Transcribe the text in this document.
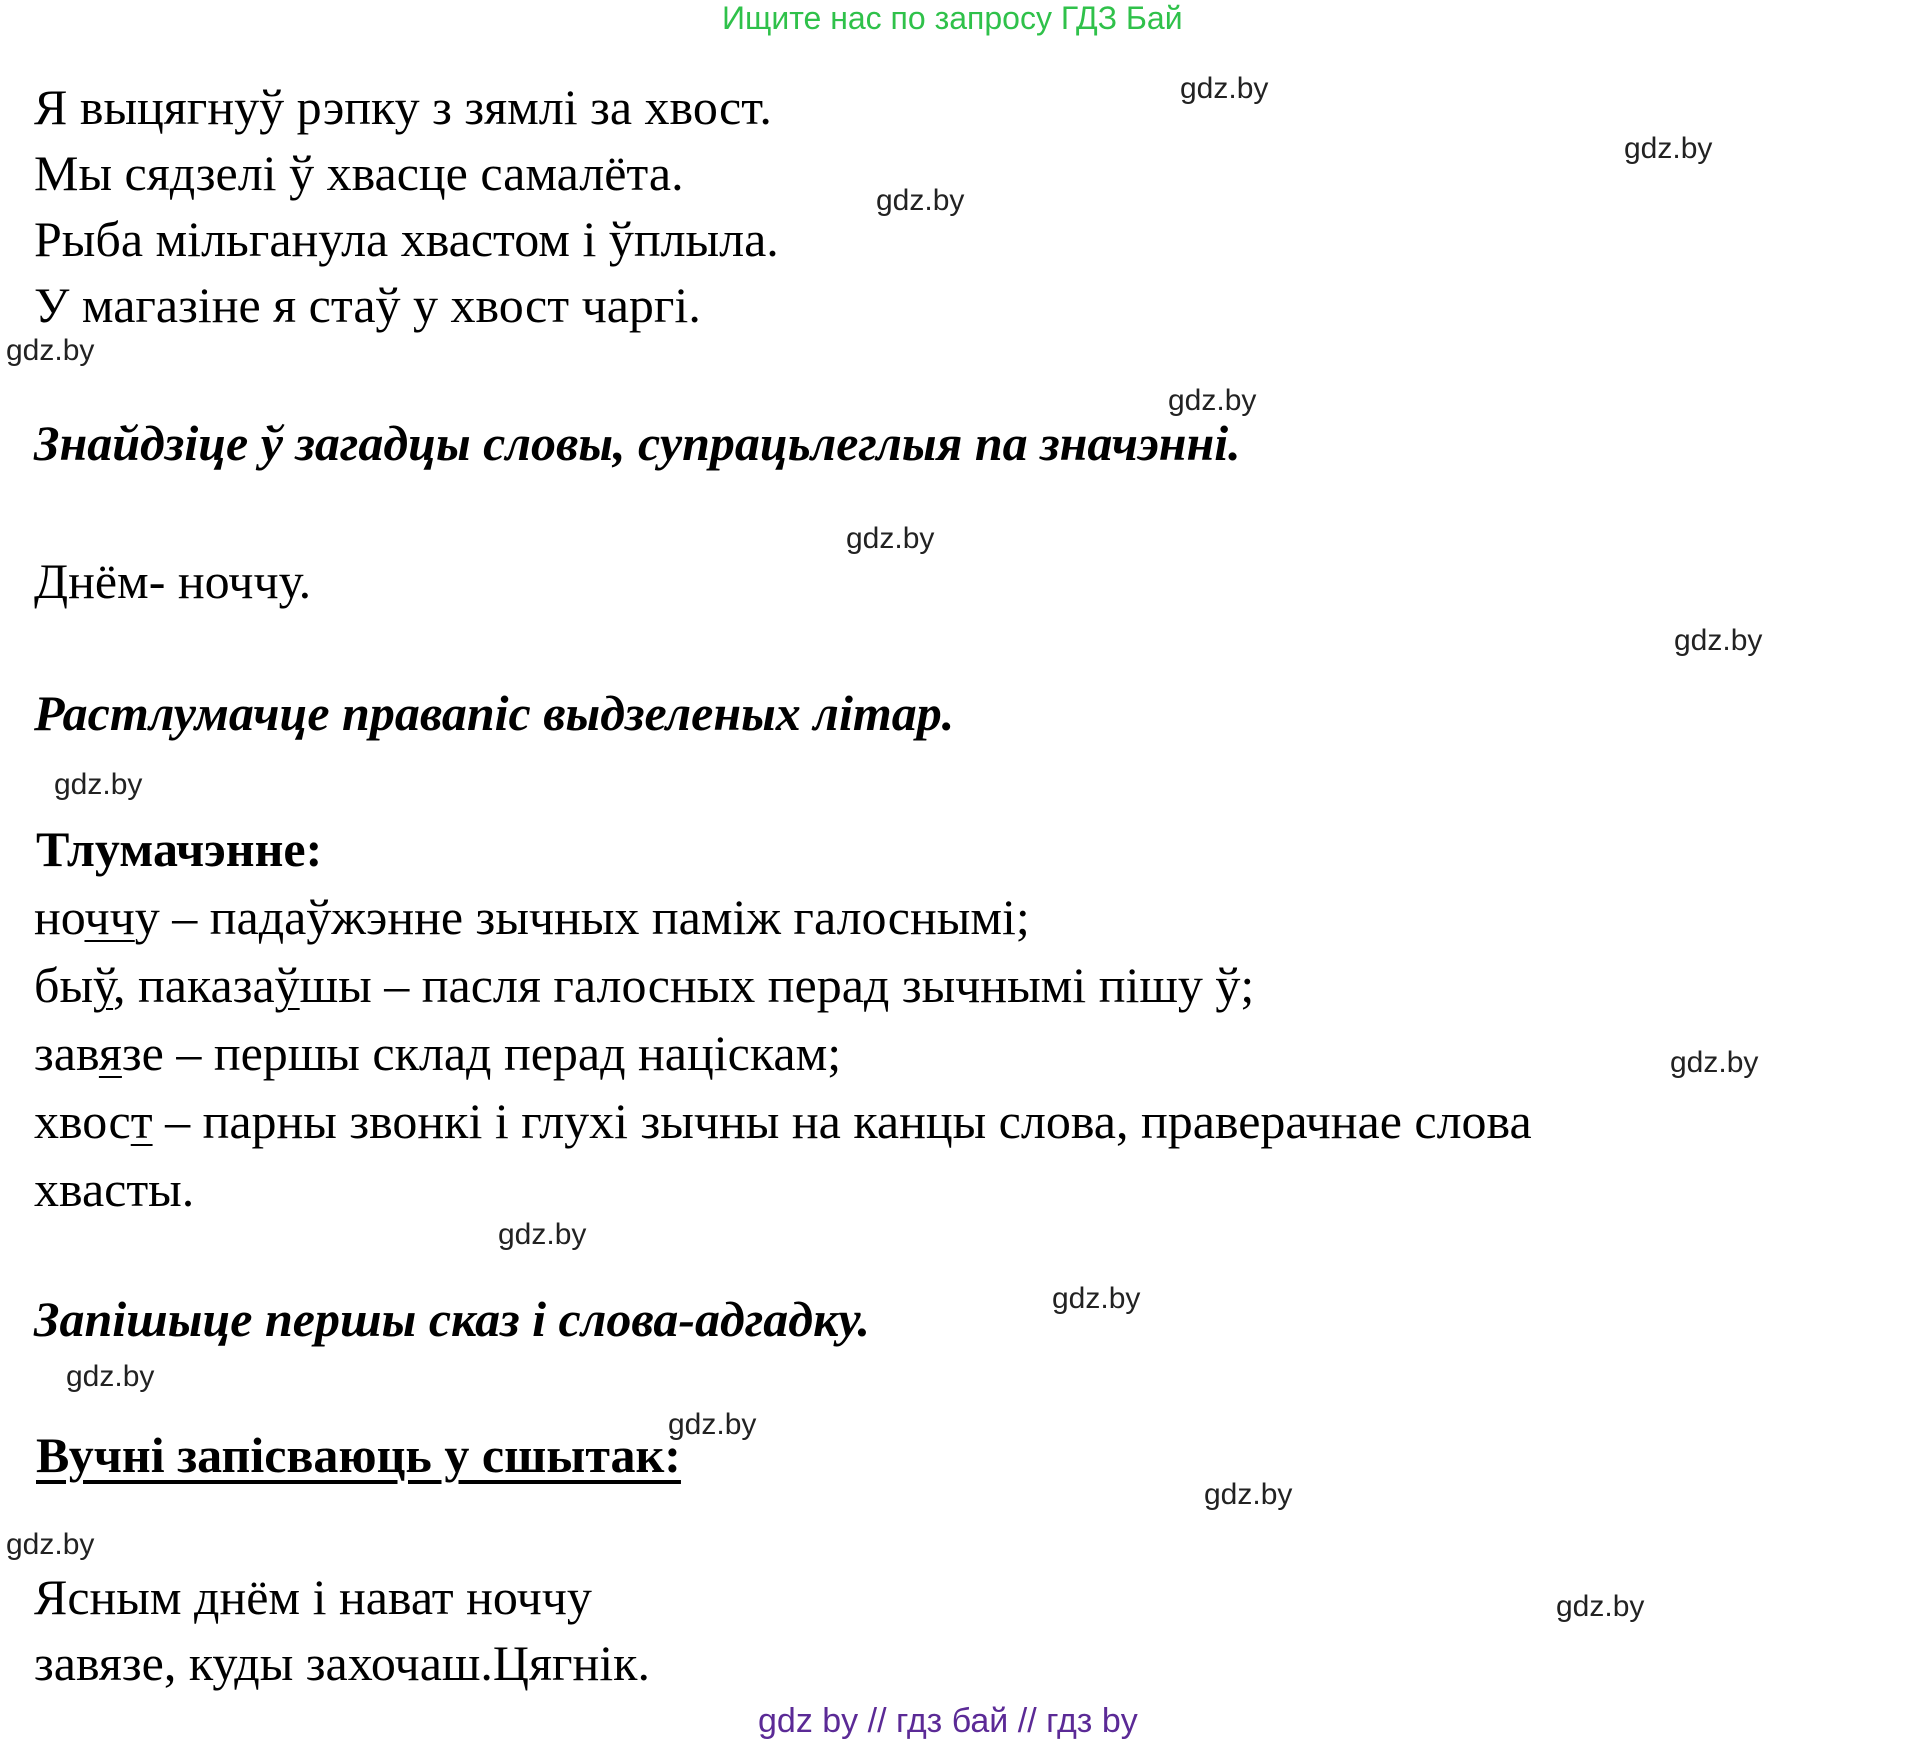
Ищите нас по запросу ГДЗ Бай
Я выцягнуў рэпку з зямлі за хвост.
Мы сядзелі ў хвасце самалёта.
Рыба мільганула хвастом і ўплыла.
У магазіне я стаў у хвост чаргі.
Знайдзіце ў загадцы словы, супрацьлеглыя па значэнні.
Днём- ноччу.
Растлумачце правапіс выдзеленых літар.
Тлумачэнне:
ноччу – падаўжэнне зычных паміж галоснымі;
быў, паказаўшы – пасля галосных перад зычнымі пішу ў;
завязе – першы склад перад націскам;
хвост – парны звонкі і глухі зычны на канцы слова, праверачнае слова
хвасты.
Запішыце першы сказ і слова-адгадку.
Вучні запісваюць у сшытак:
Ясным днём і нават ноччу
завязе, куды захочаш.Цягнік.
gdz.by
gdz.by
gdz.by
gdz.by
gdz.by
gdz.by
gdz.by
gdz.by
gdz.by
gdz.by
gdz.by
gdz.by
gdz.by
gdz.by
gdz.by
gdz.by
gdz by // гдз бай // гдз by
